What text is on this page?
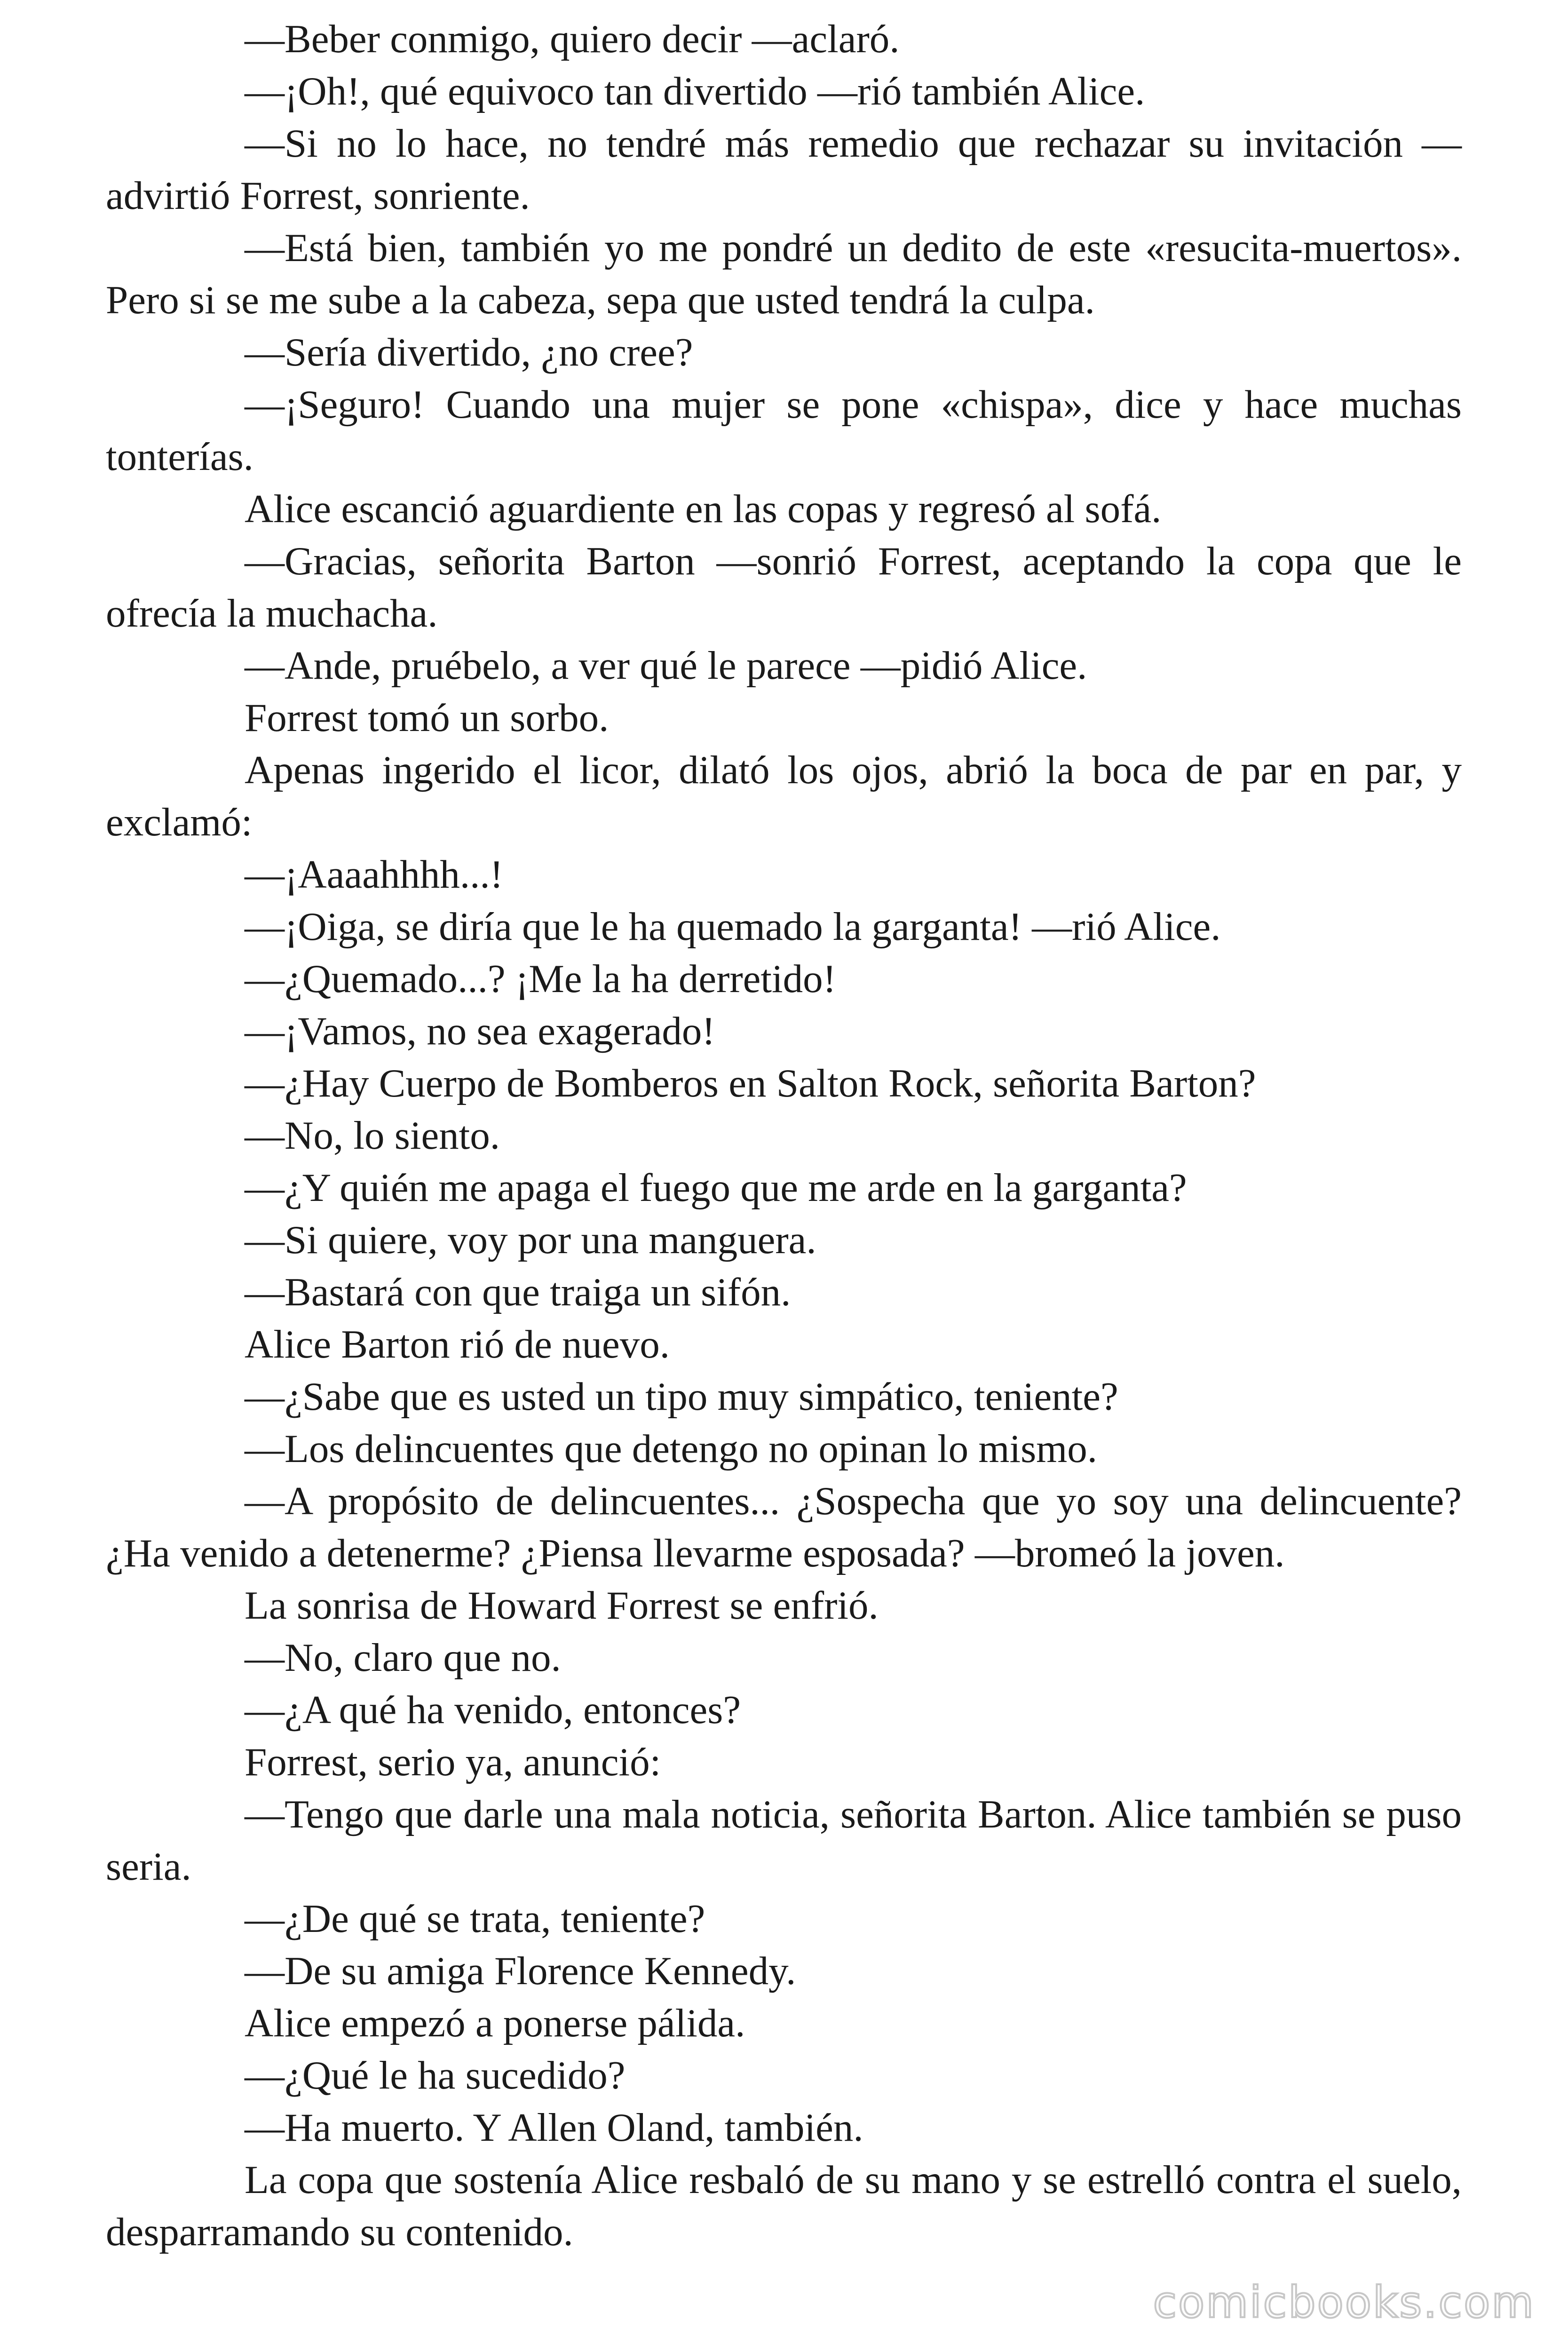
—Beber conmigo, quiero decir —aclaró.

—¡Oh!, qué equivoco tan divertido —rió también Alice.

—Si no lo hace, no tendré más remedio que rechazar su invitación —advirtió Forrest, sonriente.

—Está bien, también yo me pondré un dedito de este «resucita-muertos». Pero si se me sube a la cabeza, sepa que usted tendrá la culpa.

—Sería divertido, ¿no cree?

—¡Seguro! Cuando una mujer se pone «chispa», dice y hace muchas tonterías.

Alice escanció aguardiente en las copas y regresó al sofá.

—Gracias, señorita Barton —sonrió Forrest, aceptando la copa que le ofrecía la muchacha.

—Ande, pruébelo, a ver qué le parece —pidió Alice.

Forrest tomó un sorbo.

Apenas ingerido el licor, dilató los ojos, abrió la boca de par en par, y exclamó:

—¡Aaaahhhh...!

—¡Oiga, se diría que le ha quemado la garganta! —rió Alice.

—¿Quemado...? ¡Me la ha derretido!

—¡Vamos, no sea exagerado!

—¿Hay Cuerpo de Bomberos en Salton Rock, señorita Barton?

—No, lo siento.

—¿Y quién me apaga el fuego que me arde en la garganta?

—Si quiere, voy por una manguera.

—Bastará con que traiga un sifón.

Alice Barton rió de nuevo.

—¿Sabe que es usted un tipo muy simpático, teniente?

—Los delincuentes que detengo no opinan lo mismo.

—A propósito de delincuentes... ¿Sospecha que yo soy una delincuente? ¿Ha venido a detenerme? ¿Piensa llevarme esposada? —bromeó la joven.

La sonrisa de Howard Forrest se enfrió.

—No, claro que no.

—¿A qué ha venido, entonces?

Forrest, serio ya, anunció:

—Tengo que darle una mala noticia, señorita Barton. Alice también se puso seria.

—¿De qué se trata, teniente?

—De su amiga Florence Kennedy.

Alice empezó a ponerse pálida.

—¿Qué le ha sucedido?

—Ha muerto. Y Allen Oland, también.

La copa que sostenía Alice resbaló de su mano y se estrelló contra el suelo, desparramando su contenido.

comicbooks.com
